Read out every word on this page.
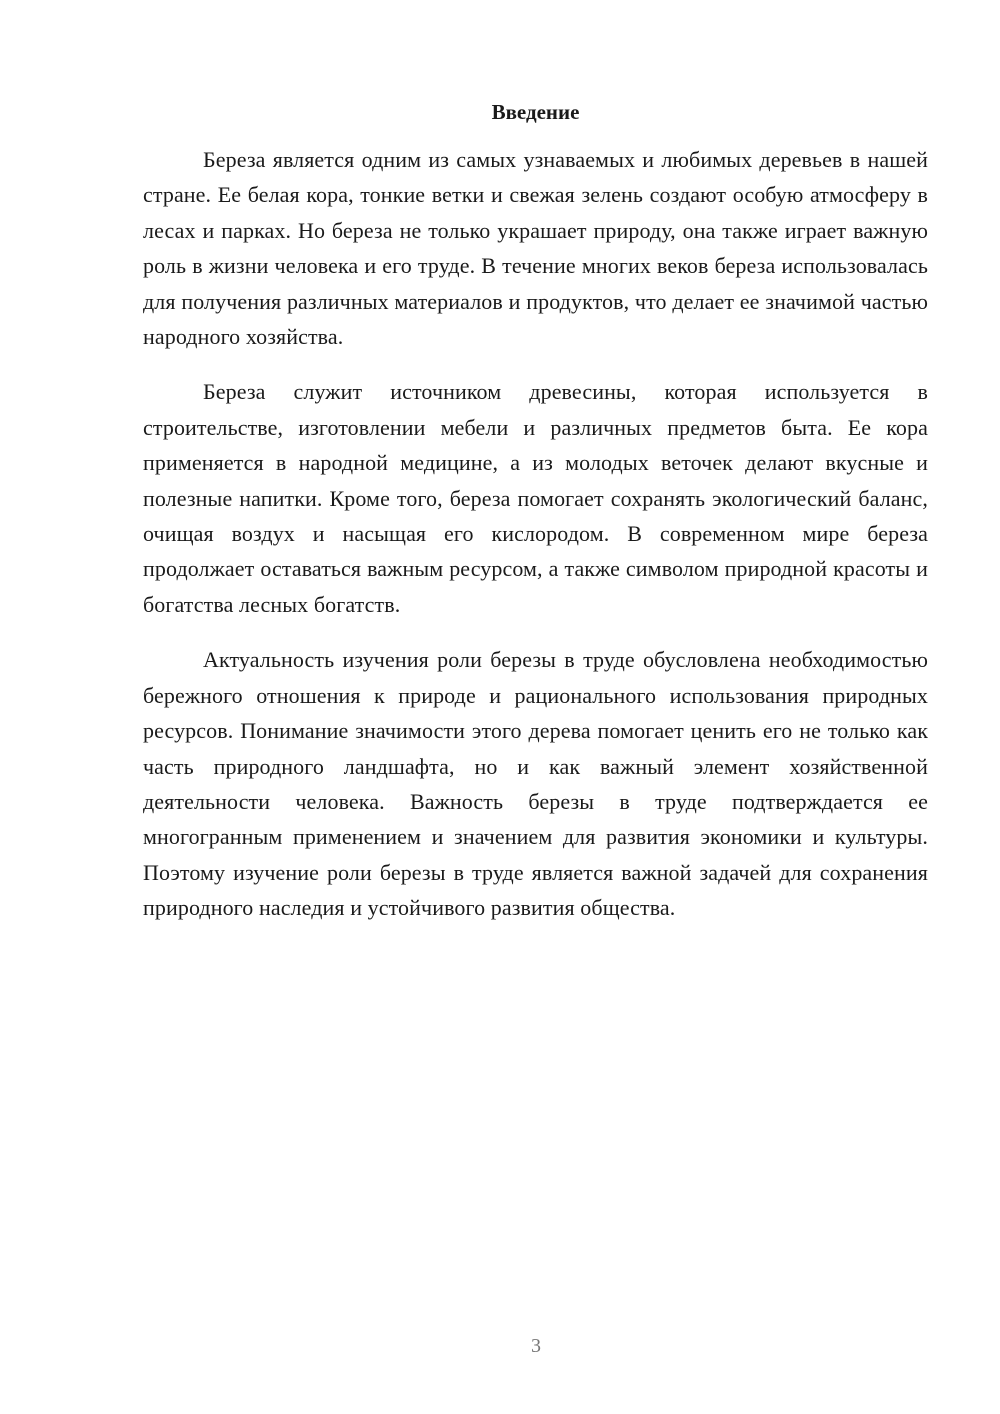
Введение

Береза является одним из самых узнаваемых и любимых деревьев в нашей стране. Ее белая кора, тонкие ветки и свежая зелень создают особую атмосферу в лесах и парках. Но береза не только украшает природу, она также играет важную роль в жизни человека и его труде. В течение многих веков береза использовалась для получения различных материалов и продуктов, что делает ее значимой частью народного хозяйства.

Береза служит источником древесины, которая используется в строительстве, изготовлении мебели и различных предметов быта. Ее кора применяется в народной медицине, а из молодых веточек делают вкусные и полезные напитки. Кроме того, береза помогает сохранять экологический баланс, очищая воздух и насыщая его кислородом. В современном мире береза продолжает оставаться важным ресурсом, а также символом природной красоты и богатства лесных богатств.

Актуальность изучения роли березы в труде обусловлена необходимостью бережного отношения к природе и рационального использования природных ресурсов. Понимание значимости этого дерева помогает ценить его не только как часть природного ландшафта, но и как важный элемент хозяйственной деятельности человека. Важность березы в труде подтверждается ее многогранным применением и значением для развития экономики и культуры. Поэтому изучение роли березы в труде является важной задачей для сохранения природного наследия и устойчивого развития общества.

3
